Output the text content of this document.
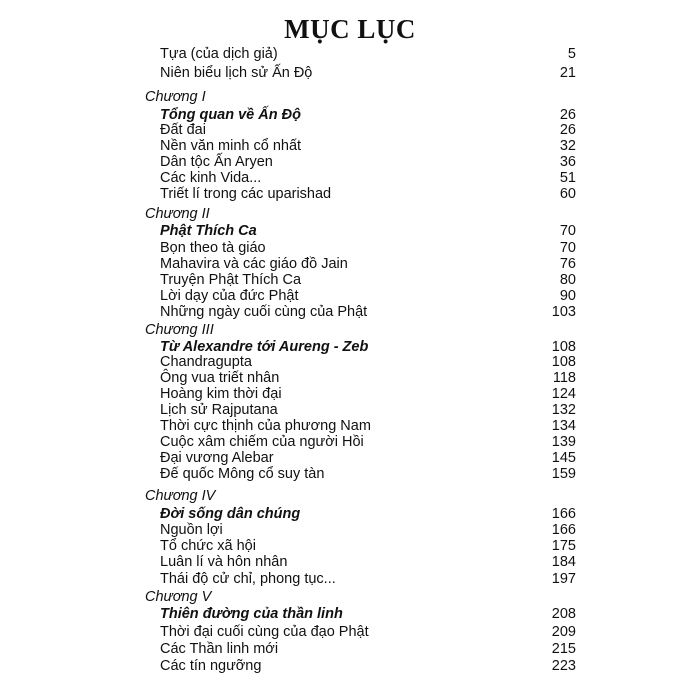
MỤC LỤC
Tựa (của dịch giả)	5
Niên biểu lịch sử Ấn Độ	21
Chương I
Tổng quan về Ấn Độ	26
Đất đai	26
Nền văn minh cổ nhất	32
Dân tộc Ấn Aryen	36
Các kinh Vida...	51
Triết lí trong các uparishad	60
Chương II
Phật Thích Ca	70
Bọn theo tà giáo	70
Mahavira và các giáo đồ Jain	76
Truyện Phật Thích Ca	80
Lời dạy của đức Phật	90
Những ngày cuối cùng của Phật	103
Chương III
Từ Alexandre tới Aureng - Zeb	108
Chandragupta	108
Ông vua triết nhân	118
Hoàng kim thời đại	124
Lịch sử Rajputana	132
Thời cực thịnh của phương Nam	134
Cuộc xâm chiếm của người Hồi	139
Đại vương Alebar	145
Đế quốc Mông cổ suy tàn	159
Chương IV
Đời sống dân chúng	166
Nguồn lợi	166
Tổ chức xã hội	175
Luân lí và hôn nhân	184
Thái độ cử chỉ, phong tục...	197
Chương V
Thiên đường của thần linh	208
Thời đại cuối cùng của đạo Phật	209
Các Thần linh mới	215
Các tín ngưỡng	223
